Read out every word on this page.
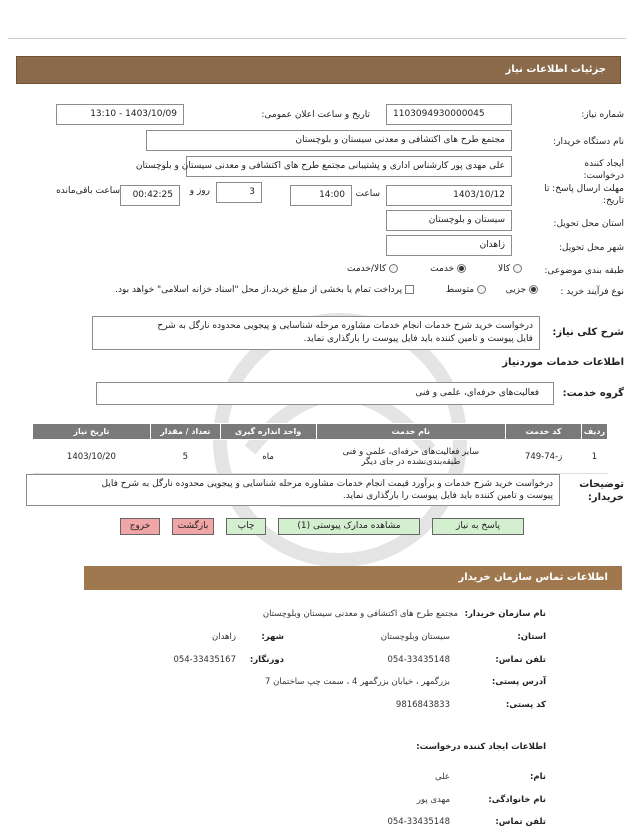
جزئیات اطلاعات نیاز
شماره نیاز:
1103094930000045
تاریخ و ساعت اعلان عمومی:
1403/10/09 - 13:10
نام دستگاه خریدار:
مجتمع طرح های اکتشافی و معدنی سیستان و بلوچستان
ایجاد کننده درخواست:
علی مهدی پور کارشناس اداری و پشتیبانی مجتمع طرح های اکتشافی و معدنی سیستان و بلوچستان
مهلت ارسال پاسخ: تا تاریخ:
1403/10/12
ساعت
14:00
3
روز و
00:42:25
ساعت باقی‌مانده
استان محل تحویل:
سیستان و بلوچستان
شهر محل تحویل:
زاهدان
طبقه بندی موضوعی:
کالا
خدمت
کالا/خدمت
نوع فرآیند خرید :
جزیی
متوسط
پرداخت تمام یا بخشی از مبلغ خرید،از محل "اسناد خزانه اسلامی" خواهد بود.
شرح کلی نیاز:
درخواست خرید شرح خدمات انجام خدمات مشاوره مرحله شناسایی و پیجویی محدوده نارگل به شرح
فایل پیوست و تامین کننده باید فایل پیوست را بارگذاری نماید.
اطلاعات خدمات موردنیاز
گروه خدمت:
فعالیت‌های حرفه‌ای، علمی و فنی
ردیف	کد خدمت	نام خدمت	واحد اندازه گیری	تعداد / مقدار	تاریخ نیاز
1	ز-74-749	سایر فعالیت‌های حرفه‌ای، علمی و فنی
طبقه‌بندی‌نشده در جای دیگر	ماه	5	1403/10/20
توضیحات خریدار:
درخواست خرید شرح خدمات و برآورد قیمت انجام خدمات مشاوره مرحله شناسایی و پیجویی محدوده نارگل به شرح فایل
پیوست و تامین کننده باید فایل پیوست را بارگذاری نماید.
پاسخ به نیاز
مشاهده مدارک پیوستی (1)
چاپ
بازگشت
خروج
اطلاعات تماس سازمان خریدار
نام سازمان خریدار:
مجتمع طرح های اکتشافی و معدنی سیستان وبلوچستان
استان:
سیستان وبلوچستان
شهر:
زاهدان
تلفن تماس:
054-33435148
دورنگار:
054-33435167
آدرس پستی:
بزرگمهر ، خیابان بزرگمهر 4 ، سمت چپ ساختمان 7
کد پستی:
9816843833
اطلاعات ایجاد کننده درخواست:
نام:
علی
نام خانوادگی:
مهدی پور
تلفن تماس:
054-33435148
